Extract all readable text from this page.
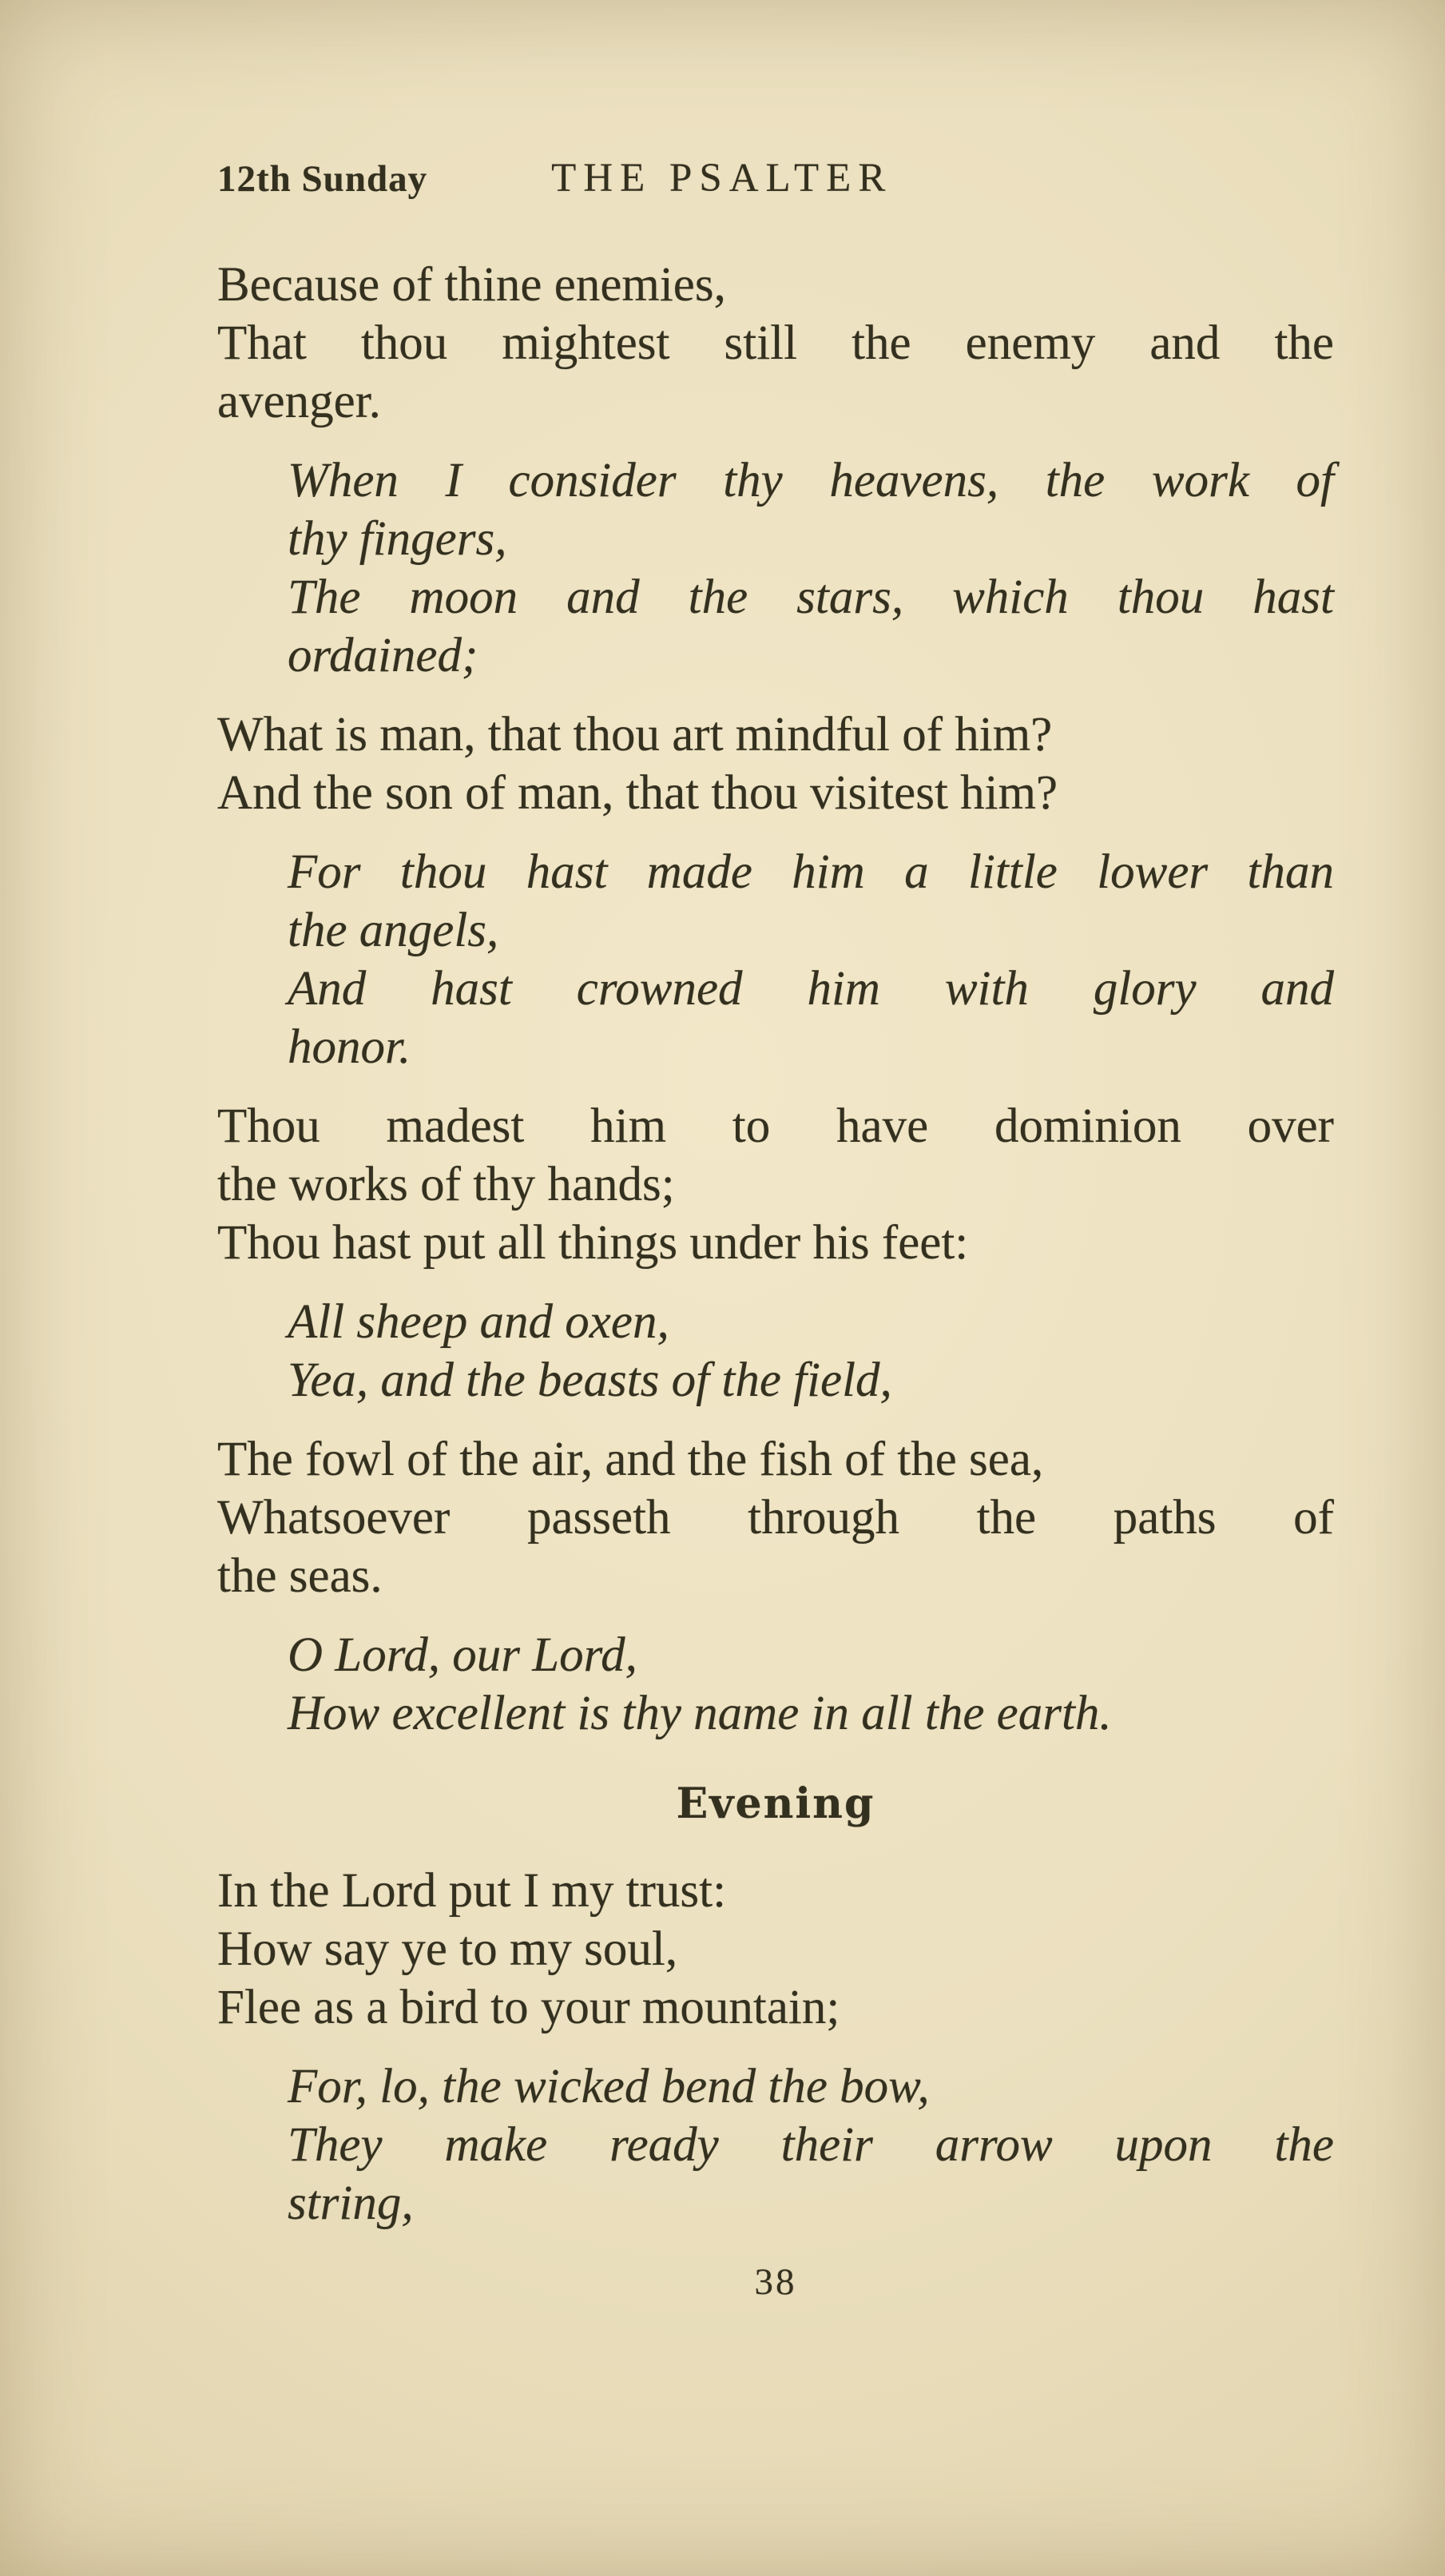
12th Sunday	THE PSALTER
Because of thine enemies,
That thou mightest still the enemy and the
avenger.
When I consider thy heavens, the work of
thy fingers,
The moon and the stars, which thou hast
ordained;
What is man, that thou art mindful of him?
And the son of man, that thou visitest him?
For thou hast made him a little lower than
the angels,
And hast crowned him with glory and
honor.
Thou madest him to have dominion over
the works of thy hands;
Thou hast put all things under his feet:
All sheep and oxen,
Yea, and the beasts of the field,
The fowl of the air, and the fish of the sea,
Whatsoever passeth through the paths of
the seas.
O Lord, our Lord,
How excellent is thy name in all the earth.
Evening
In the Lord put I my trust:
How say ye to my soul,
Flee as a bird to your mountain;
For, lo, the wicked bend the bow,
They make ready their arrow upon the
string,
38
